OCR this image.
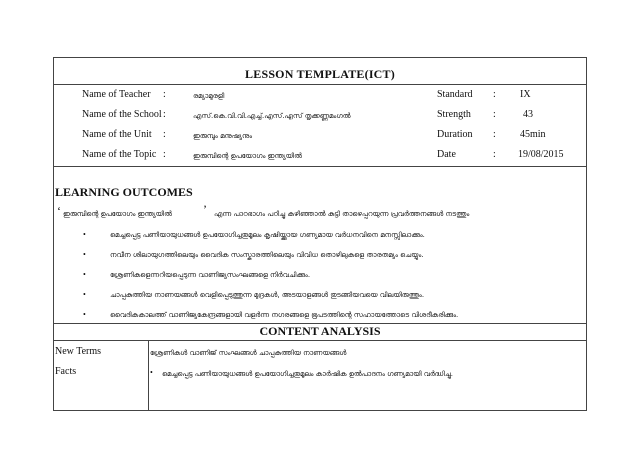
LESSON TEMPLATE(ICT)
Name of Teacher :	രമ്യാമുരളി	Standard : IX
Name of the School :	എസ്.കെ.വി.വി.എച്ച്.എസ്.എസ് തൃക്കണ്ണമംഗൽ	Strength :	43
Name of the Unit :	ഇരുമ്പും മനുഷ്യനും	Duration : 45min
Name of the Topic :	ഇരുമ്പിന്റെ ഉപയോഗം ഇന്ത്യയിൽ	Date	: 19/08/2015
LEARNING OUTCOMES
‘ ഇരുമ്പിന്റെ ഉപയോഗം ഇന്ത്യയിൽ	’ എന്ന പാഠഭാഗം പഠിച്ചു കഴിഞ്ഞാൽ കുട്ടി താഴെപ്പറയുന്ന പ്രവർത്തനങ്ങൾ നടത്തും
•	മെച്ചപ്പെട്ട പണിയായുധങ്ങൾ ഉപയോഗിച്ചതുമൂലം കൃഷിയ്ക്കുായ ഗണ്യമായ വർധനവിനെ മനസ്സിലാക്കും.
•	നവീന ശിലായുഗത്തിലെയും വൈദിക സംസ്കാരത്തിലെയും വിവിധ തൊഴിലുകളെ താരതമ്യം ചെയ്യും.
•	ശ്രേണികളെന്നറിയപ്പെടുന്ന വാണിജ്യസംഘങ്ങളെ നിർവചിക്കും.
•	ചാപ്പകുത്തിയ നാണയങ്ങൾ വെളിപ്പെടുത്തുന്ന മുദ്രകൾ, അടയാളങ്ങൾ തുടങ്ങിയവയെ വിലയിരുത്തും.
•	വൈദികകാലത്ത് വാണിജ്യകേന്ദ്രങ്ങളായി വളർന്ന നഗരങ്ങളെ ഭൂപടത്തിന്റെ സഹായത്തോടെ വിശദീകരിക്കും.
CONTENT ANALYSIS
New Terms	ശ്രേണികൾ വാണിജ് സംഘങ്ങൾ ചാപ്പകുത്തിയ നാണയങ്ങൾ
Facts	• മെച്ചപ്പെട്ട പണിയായുധങ്ങൾ ഉപയോഗിച്ചതുമൂലം കാർഷിക ഉൽപാദനം ഗണ്യമായി വർദ്ധിച്ചു.
